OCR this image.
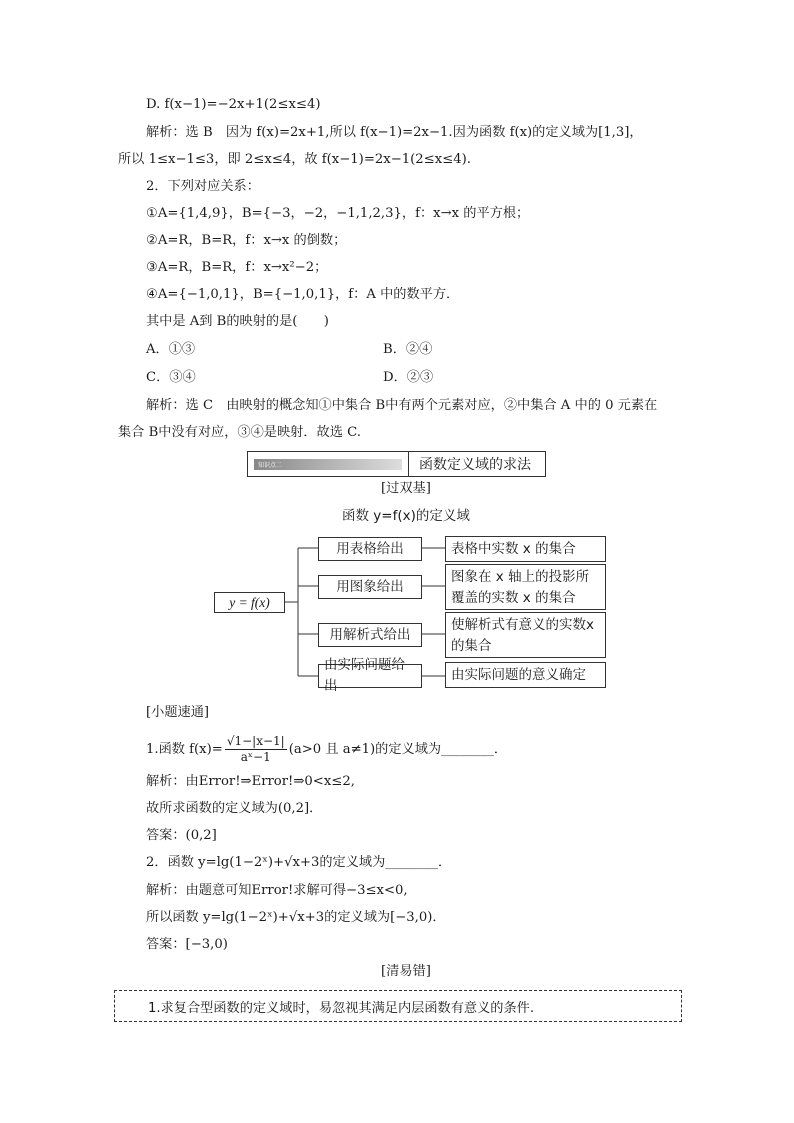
D. f(x−1)=−2x+1(2≤x≤4)
解析：选 B　因为 f(x)=2x+1,所以 f(x−1)=2x−1.因为函数 f(x)的定义域为[1,3]，
所以 1≤x−1≤3，即 2≤x≤4，故 f(x−1)=2x−1(2≤x≤4).
2．下列对应关系：
①A={1,4,9}，B={−3，−2，−1,1,2,3}，f：x→x 的平方根；
②A=R，B=R，f：x→x 的倒数；
③A=R，B=R，f：x→x²−2；
④A={−1,0,1}，B={−1,0,1}，f：A 中的数平方．
其中是 A到 B的映射的是(　　)
A．①③	B．②④
C．③④	D．②③
解析：选 C　由映射的概念知①中集合 B中有两个元素对应，②中集合 A 中的 0 元素在
集合 B中没有对应，③④是映射．故选 C.
知识点二	函数定义域的求法
[过双基]
函数 y=f(x)的定义域
y = f(x)
用表格给出
用图象给出
用解析式给出
由实际问题给出
表格中实数 x 的集合
图象在 x 轴上的投影所覆盖的实数 x 的集合
使解析式有意义的实数x的集合
由实际问题的意义确定
[小题速通]
1.函数 $f(x)= \frac{√1-|x-1|}{\text{aˣ−1}} (a>0$ 且 a≠1)的定义域为________．
解析：由Error!⇒Error!⇒0<x≤2,
故所求函数的定义域为(0,2]．
答案：(0,2]
2．函数 y=lg(1−2ˣ)+√x+3的定义域为________．
解析：由题意可知Error!求解可得−3≤x<0,
所以函数 y=lg(1−2ˣ)+√x+3的定义域为[−3,0)．
答案：[−3,0)
[清易错]
1.求复合型函数的定义域时，易忽视其满足内层函数有意义的条件.
